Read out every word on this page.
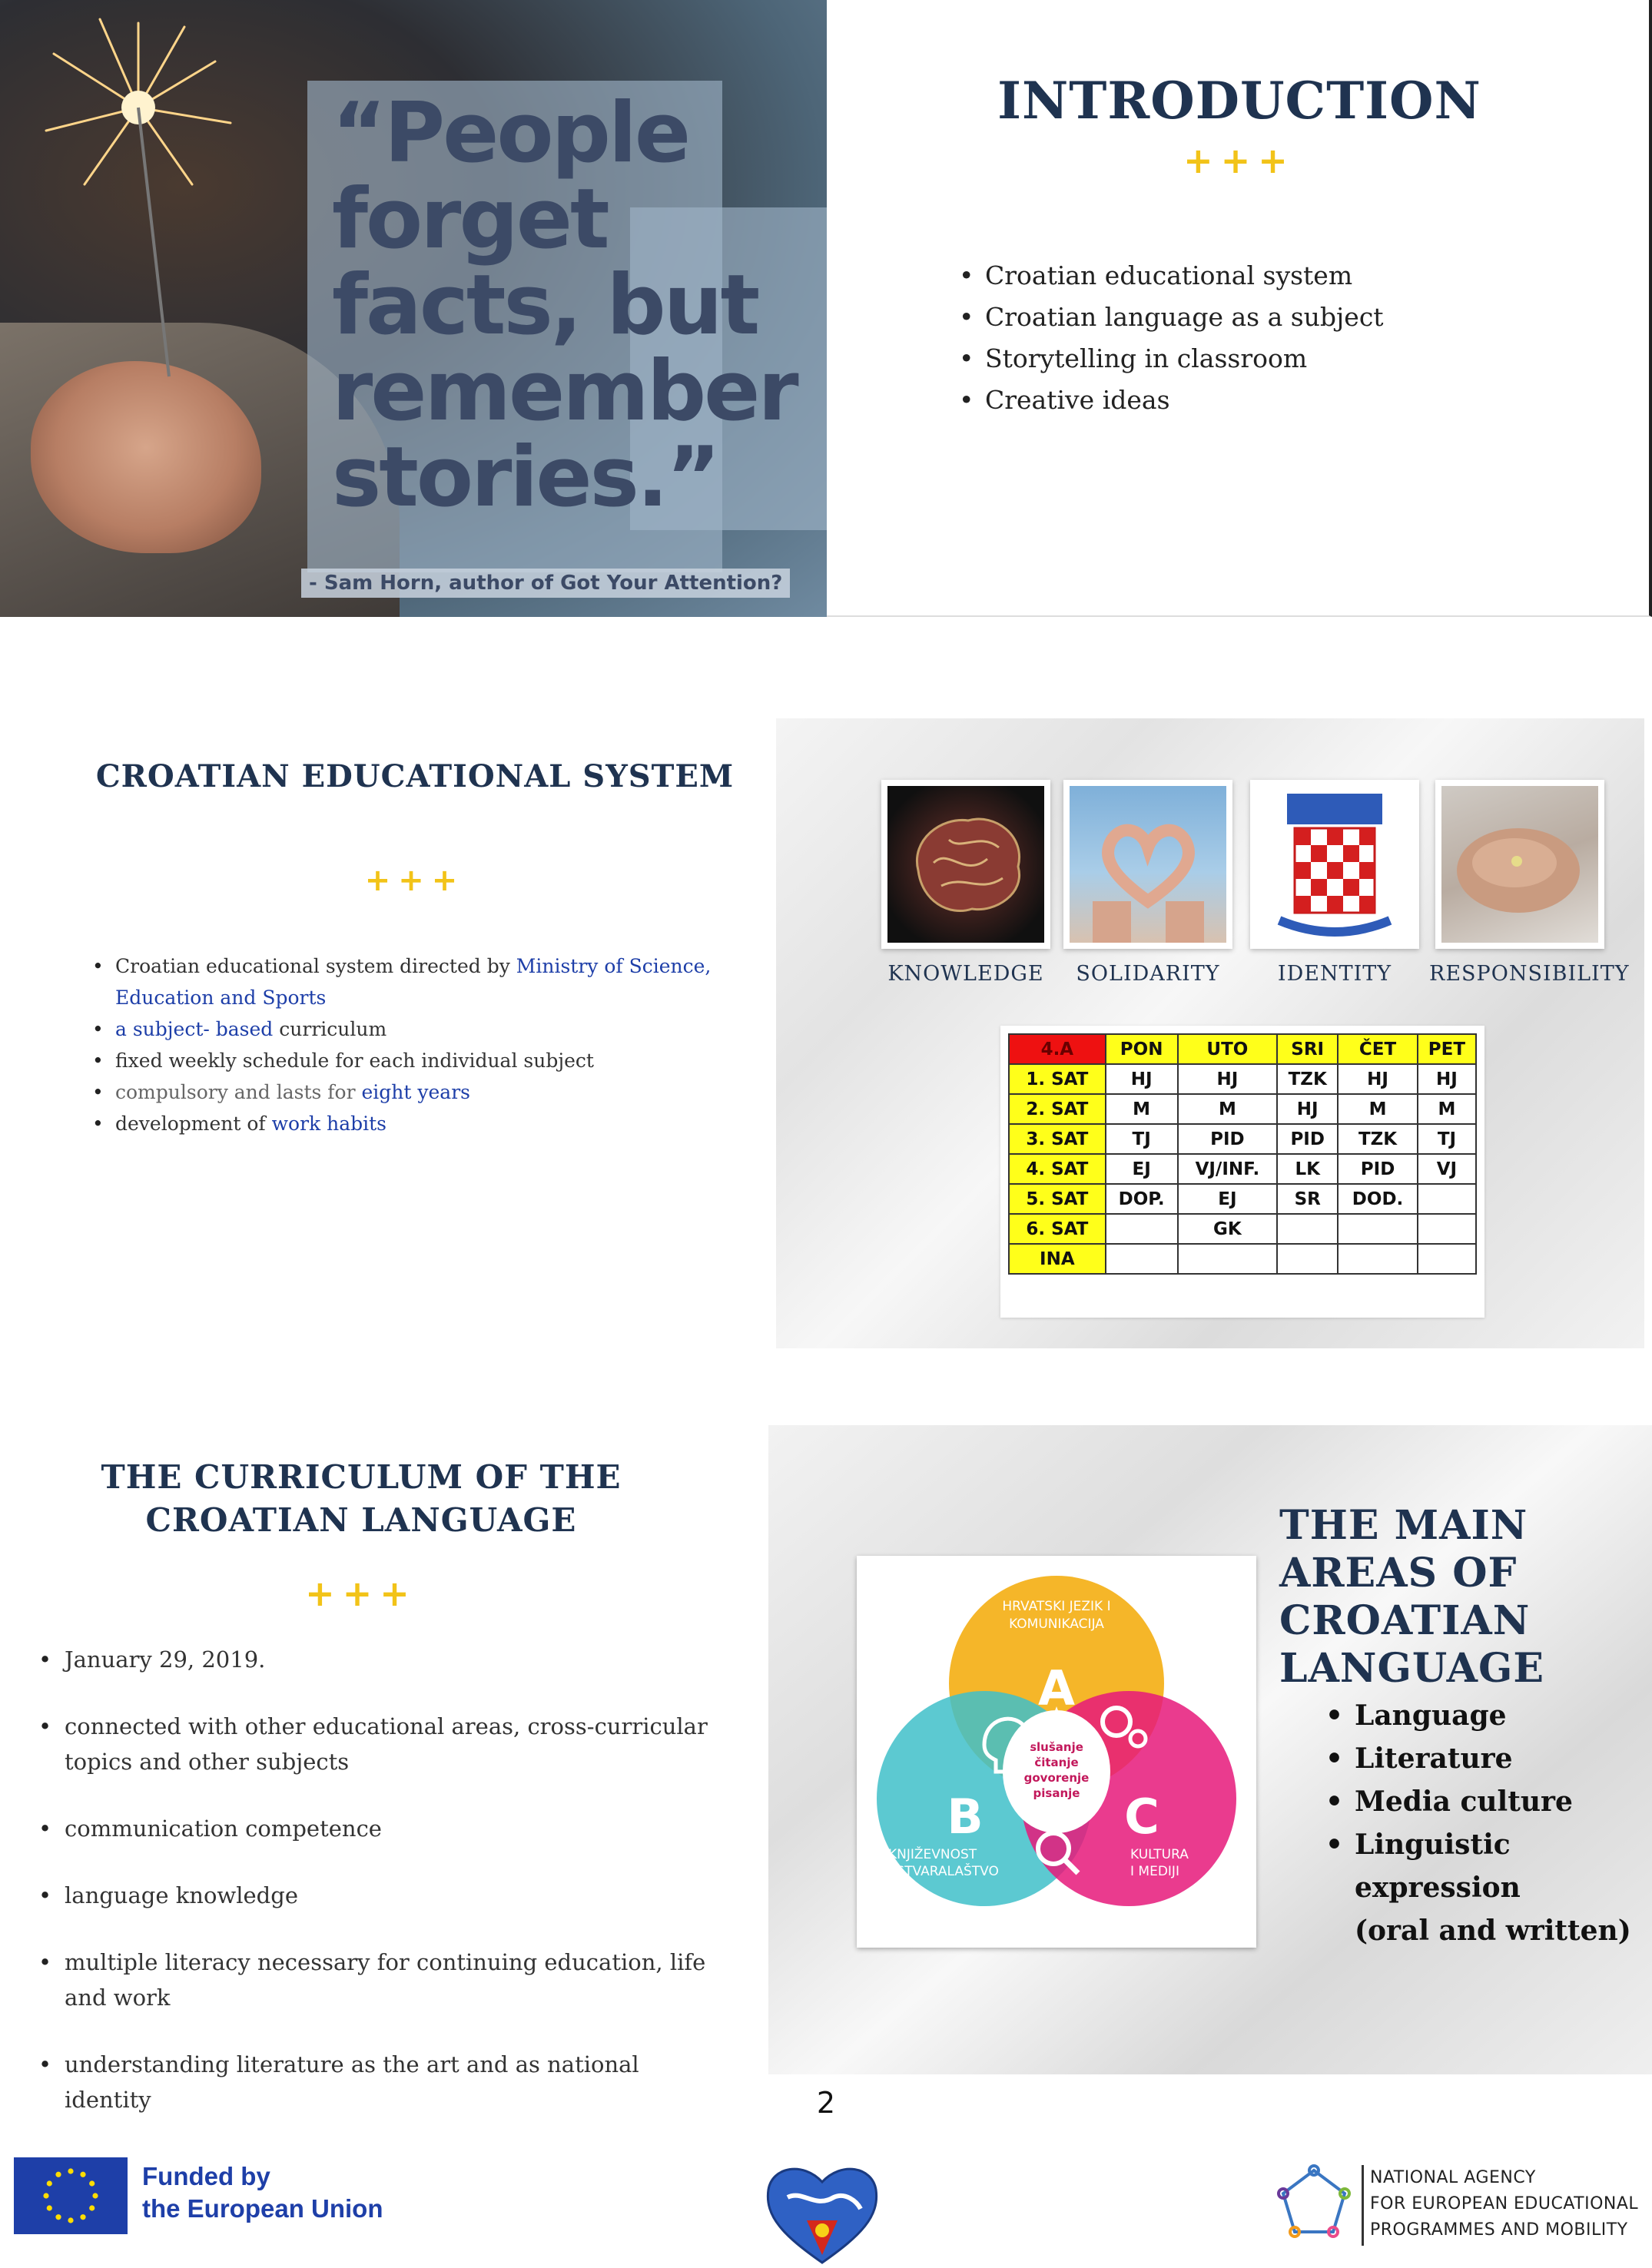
“People
forget
facts, but
remember
stories.”
- Sam Horn, author of Got Your Attention?
INTRODUCTION
+++
• Croatian educational system
• Croatian language as a subject
• Storytelling in classroom
• Creative ideas
CROATIAN EDUCATIONAL SYSTEM
+++
• Croatian educational system directed by Ministry of Science, Education and Sports
• a subject- based curriculum
• fixed weekly schedule for each individual subject
• compulsory and lasts for eight years
• development of work habits
KNOWLEDGE	SOLIDARITY	IDENTITY	RESPONSIBILITY
4.A	PON	UTO	SRI	ČET	PET
1. SAT	HJ	HJ	TZK	HJ	HJ
2. SAT	M	M	HJ	M	M
3. SAT	TJ	PID	PID	TZK	TJ
4. SAT	EJ	VJ/INF.	LK	PID	VJ
5. SAT	DOP.	EJ	SR	DOD.	
6. SAT		GK			
INA					
THE CURRICULUM OF THE CROATIAN LANGUAGE
+++
• January 29, 2019.
• connected with other educational areas, cross-curricular topics and other subjects
• communication competence
• language knowledge
• multiple literacy necessary for continuing education, life and work
• understanding literature as the art and as national identity
HRVATSKI JEZIK I
KOMUNIKACIJA
A
B	C
KNJIŽEVNOST
I STVARALAŠTVO
KULTURA
I MEDIJI
slušanje
čitanje
govorenje
pisanje
THE MAIN AREAS OF CROATIAN LANGUAGE
• Language
• Literature
• Media culture
• Linguistic expression
(oral and written)
2
Funded by
the European Union
NATIONAL AGENCY
FOR EUROPEAN EDUCATIONAL
PROGRAMMES AND MOBILITY
